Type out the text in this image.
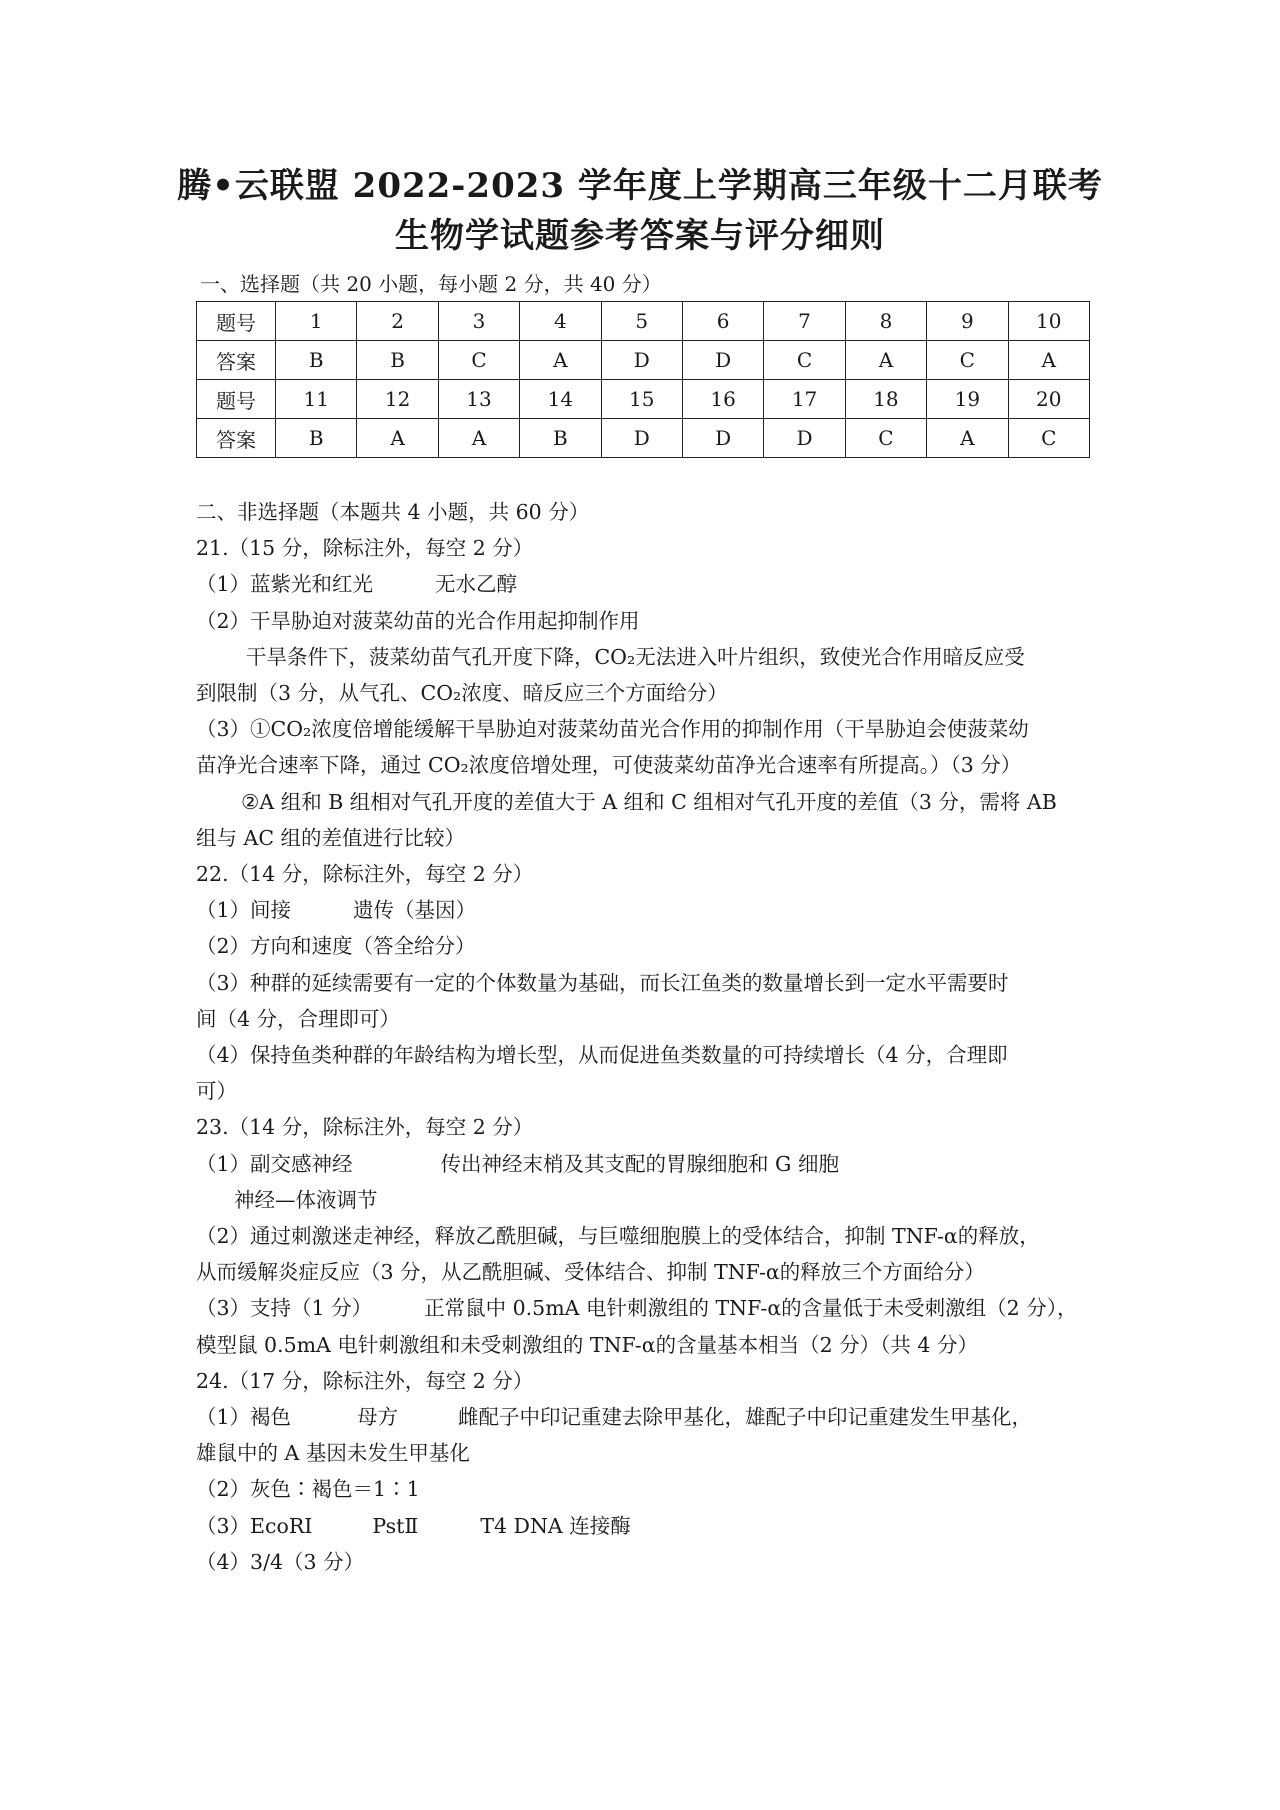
腾•云联盟 2022-2023 学年度上学期高三年级十二月联考
生物学试题参考答案与评分细则
一、选择题（共 20 小题，每小题 2 分，共 40 分）
题号	1	2	3	4	5	6	7	8	9	10
答案	B	B	C	A	D	D	C	A	C	A
题号	11	12	13	14	15	16	17	18	19	20
答案	B	A	A	B	D	D	D	C	A	C

二、非选择题（本题共 4 小题，共 60 分）

21.（15 分，除标注外，每空 2 分）

（1）蓝紫光和红光	无水乙醇

（2）干旱胁迫对菠菜幼苗的光合作用起抑制作用

干旱条件下，菠菜幼苗气孔开度下降，CO₂无法进入叶片组织，致使光合作用暗反应受

到限制（3 分，从气孔、CO₂浓度、暗反应三个方面给分）

（3）①CO₂浓度倍增能缓解干旱胁迫对菠菜幼苗光合作用的抑制作用（干旱胁迫会使菠菜幼

苗净光合速率下降，通过 CO₂浓度倍增处理，可使菠菜幼苗净光合速率有所提高。）（3 分）

②A 组和 B 组相对气孔开度的差值大于 A 组和 C 组相对气孔开度的差值（3 分，需将 AB

组与 AC 组的差值进行比较）

22.（14 分，除标注外，每空 2 分）

（1）间接	遗传（基因）

（2）方向和速度（答全给分）

（3）种群的延续需要有一定的个体数量为基础，而长江鱼类的数量增长到一定水平需要时

间（4 分，合理即可）

（4）保持鱼类种群的年龄结构为增长型，从而促进鱼类数量的可持续增长（4 分，合理即

可）

23.（14 分，除标注外，每空 2 分）

（1）副交感神经	传出神经末梢及其支配的胃腺细胞和 G 细胞

神经—体液调节

（2）通过刺激迷走神经，释放乙酰胆碱，与巨噬细胞膜上的受体结合，抑制 TNF-α的释放，

从而缓解炎症反应（3 分，从乙酰胆碱、受体结合、抑制 TNF-α的释放三个方面给分）

（3）支持（1 分）	正常鼠中 0.5mA 电针刺激组的 TNF-α的含量低于未受刺激组（2 分），

模型鼠 0.5mA 电针刺激组和未受刺激组的 TNF-α的含量基本相当（2 分）（共 4 分）

24.（17 分，除标注外，每空 2 分）

（1）褐色	母方	雌配子中印记重建去除甲基化，雄配子中印记重建发生甲基化，

雄鼠中的 A 基因未发生甲基化

（2）灰色∶褐色＝1∶1

（3）EcoRⅠ	PstⅡ	T4 DNA 连接酶

（4）3/4（3 分）
